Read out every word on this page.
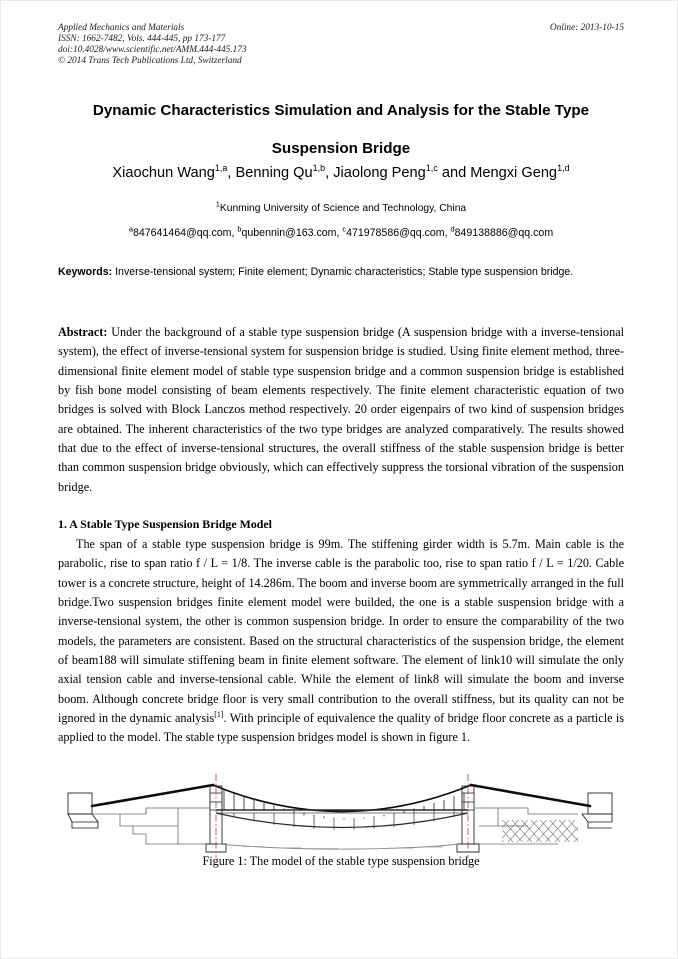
Applied Mechanics and Materials
ISSN: 1662-7482, Vols. 444-445, pp 173-177
doi:10.4028/www.scientific.net/AMM.444-445.173
© 2014 Trans Tech Publications Ltd, Switzerland
Online: 2013-10-15
Dynamic Characteristics Simulation and Analysis for the Stable Type
Suspension Bridge
Xiaochun Wang$^{1,a}$, Benning Qu$^{1,b}$, Jiaolong Peng$^{1,c}$ and Mengxi Geng$^{1,d}$
$^1$Kunming University of Science and Technology, China
$^a$847641464@qq.com, $^b$qubennin@163.com, $^c$471978586@qq.com, $^d$849138886@qq.com
Keywords: Inverse-tensional system; Finite element; Dynamic characteristics; Stable type suspension bridge.
Abstract: Under the background of a stable type suspension bridge (A suspension bridge with a inverse-tensional system), the effect of inverse-tensional system for suspension bridge is studied. Using finite element method, three-dimensional finite element model of stable type suspension bridge and a common suspension bridge is established by fish bone model consisting of beam elements respectively. The finite element characteristic equation of two bridges is solved with Block Lanczos method respectively. 20 order eigenpairs of two kind of suspension bridges are obtained. The inherent characteristics of the two type bridges are analyzed comparatively. The results showed that due to the effect of inverse-tensional structures, the overall stiffness of the stable suspension bridge is better than common suspension bridge obviously, which can effectively suppress the torsional vibration of the suspension bridge.
1. A Stable Type Suspension Bridge Model
The span of a stable type suspension bridge is 99m. The stiffening girder width is 5.7m. Main cable is the parabolic, rise to span ratio f / L = 1/8. The inverse cable is the parabolic too, rise to span ratio f / L = 1/20. Cable tower is a concrete structure, height of 14.286m. The boom and inverse boom are symmetrically arranged in the full bridge.Two suspension bridges finite element model were builded, the one is a stable suspension bridge with a inverse-tensional system, the other is common suspension bridge. In order to ensure the comparability of the two models, the parameters are consistent. Based on the structural characteristics of the suspension bridge, the element of beam188 will simulate stiffening beam in finite element software. The element of link10 will simulate the only axial tension cable and inverse-tensional cable. While the element of link8 will simulate the boom and inverse boom. Although concrete bridge floor is very small contribution to the overall stiffness, but its quality can not be ignored in the dynamic analysis[1]. With principle of equivalence the quality of bridge floor concrete as a particle is applied to the model. The stable type suspension bridges model is shown in figure 1.
Figure 1: The model of the stable type suspension bridge
